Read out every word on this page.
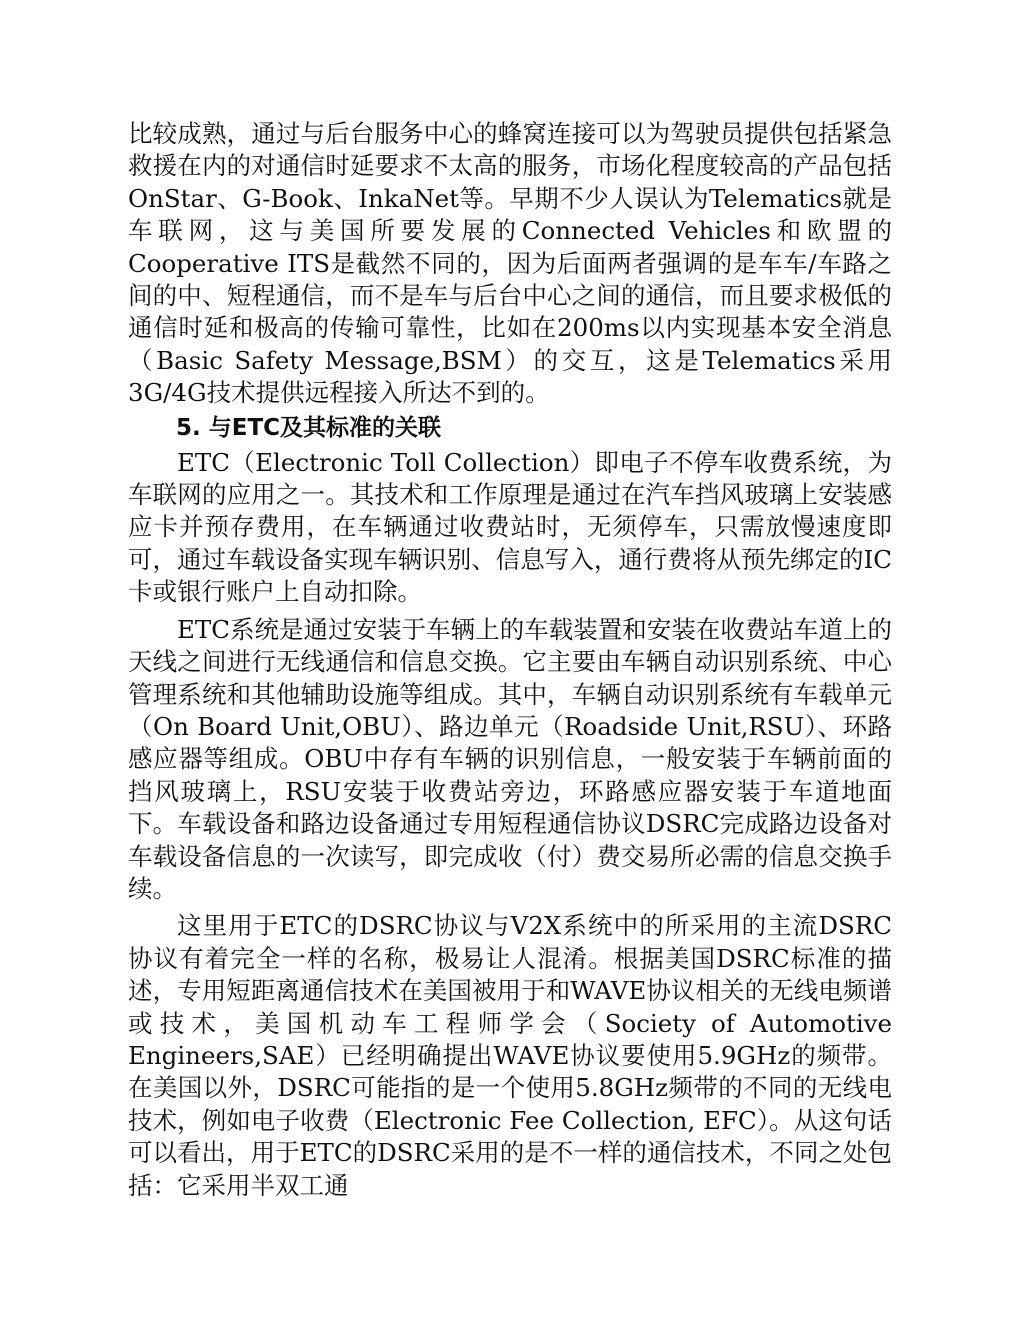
比较成熟，通过与后台服务中心的蜂窝连接可以为驾驶员提供包括紧急救援在内的对通信时延要求不太高的服务，市场化程度较高的产品包括OnStar、G-Book、InkaNet等。早期不少人误认为Telematics就是车联网，这与美国所要发展的Connected Vehicles和欧盟的Cooperative ITS是截然不同的，因为后面两者强调的是车车/车路之间的中、短程通信，而不是车与后台中心之间的通信，而且要求极低的通信时延和极高的传输可靠性，比如在200ms以内实现基本安全消息（Basic Safety Message,BSM）的交互，这是Telematics采用3G/4G技术提供远程接入所达不到的。

5. 与ETC及其标准的关联

ETC（Electronic Toll Collection）即电子不停车收费系统，为车联网的应用之一。其技术和工作原理是通过在汽车挡风玻璃上安装感应卡并预存费用，在车辆通过收费站时，无须停车，只需放慢速度即可，通过车载设备实现车辆识别、信息写入，通行费将从预先绑定的IC卡或银行账户上自动扣除。

ETC系统是通过安装于车辆上的车载装置和安装在收费站车道上的天线之间进行无线通信和信息交换。它主要由车辆自动识别系统、中心管理系统和其他辅助设施等组成。其中，车辆自动识别系统有车载单元（On Board Unit,OBU）、路边单元（Roadside Unit,RSU）、环路感应器等组成。OBU中存有车辆的识别信息，一般安装于车辆前面的挡风玻璃上，RSU安装于收费站旁边，环路感应器安装于车道地面下。车载设备和路边设备通过专用短程通信协议DSRC完成路边设备对车载设备信息的一次读写，即完成收（付）费交易所必需的信息交换手续。

这里用于ETC的DSRC协议与V2X系统中的所采用的主流DSRC协议有着完全一样的名称，极易让人混淆。根据美国DSRC标准的描述，专用短距离通信技术在美国被用于和WAVE协议相关的无线电频谱或技术，美国机动车工程师学会（Society of Automotive Engineers,SAE）已经明确提出WAVE协议要使用5.9GHz的频带。在美国以外，DSRC可能指的是一个使用5.8GHz频带的不同的无线电技术，例如电子收费（Electronic Fee Collection, EFC）。从这句话可以看出，用于ETC的DSRC采用的是不一样的通信技术，不同之处包括：它采用半双工通
